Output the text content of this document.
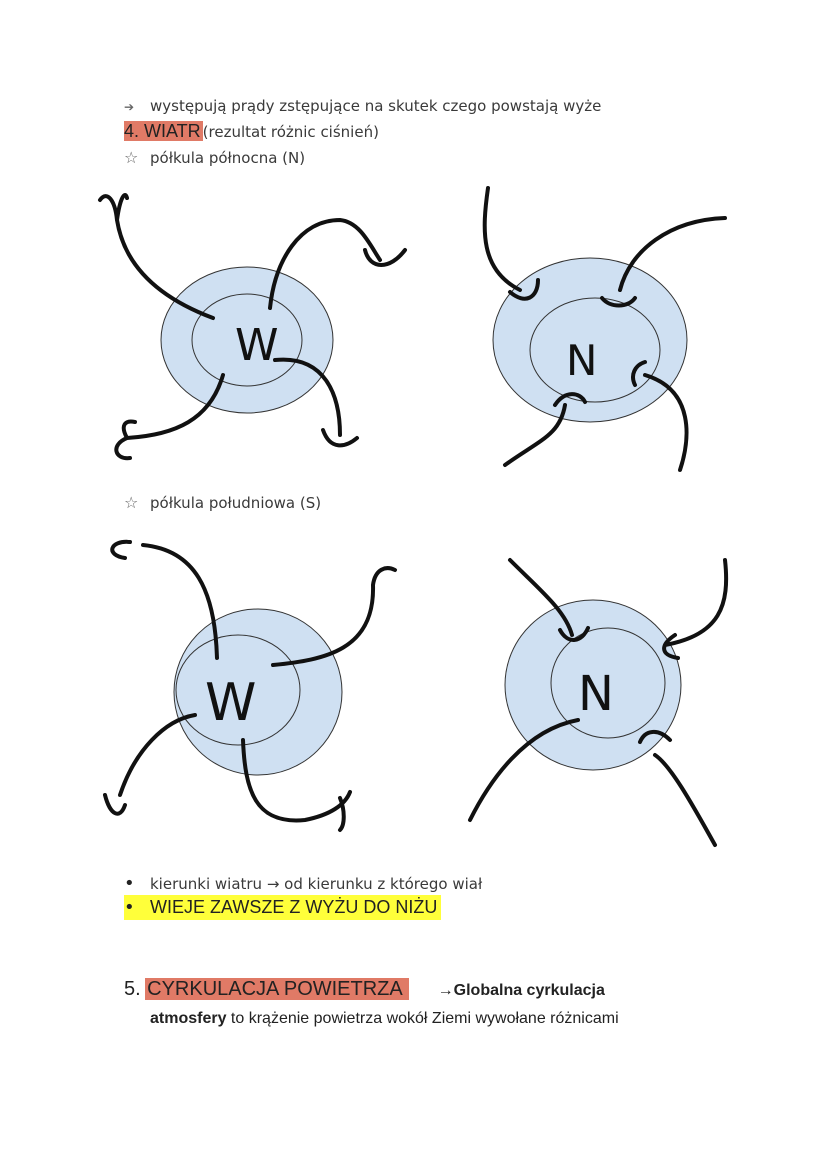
➔ występują prądy zstępujące na skutek czego powstają wyże
4. WIATR (rezultat różnic ciśnień)
☆ półkula północna (N)
W	N
☆ półkula południowa (S)
W	N
• kierunki wiatru → od kierunku z którego wiał
• WIEJE ZAWSZE Z WYŻU DO NIŻU
5. CYRKULACJA POWIETRZA →Globalna cyrkulacja
atmosfery to krążenie powietrza wokół Ziemi wywołane różnicami
